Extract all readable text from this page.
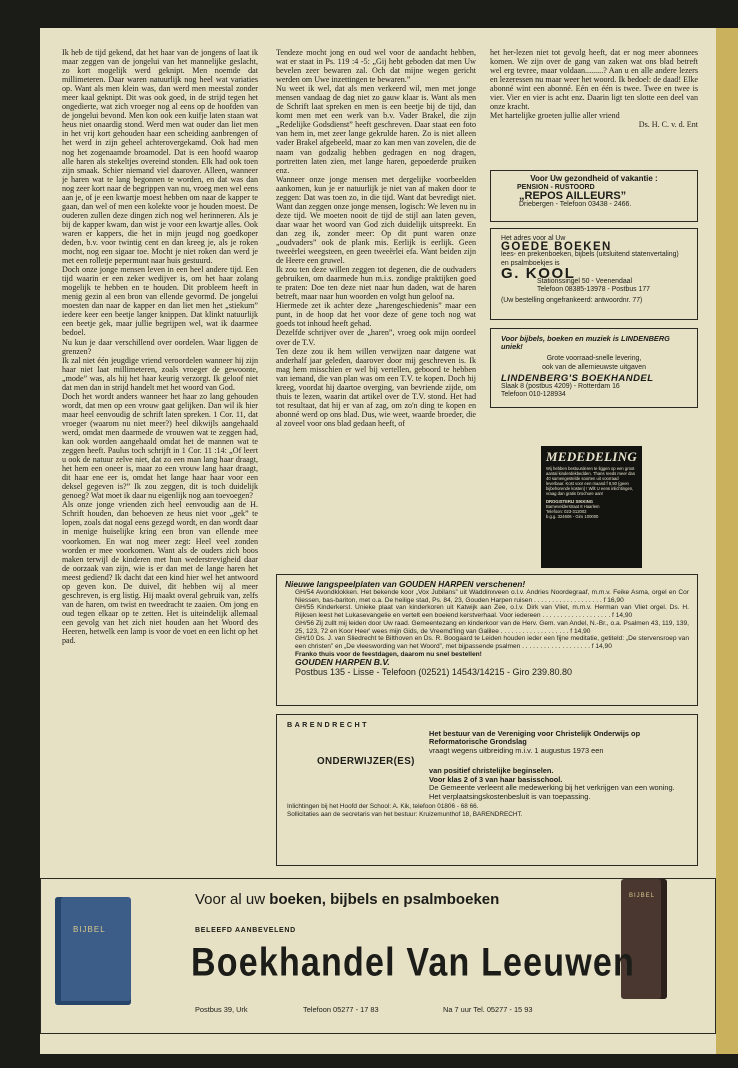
Ik heb de tijd gekend, dat het haar van de jongens of laat ik maar zeggen van de jongelui van het mannelijke geslacht, zo kort mogelijk werd geknipt. Men noemde dat millimeteren. Daar waren natuurlijk nog heel wat variaties op. Want als men klein was, dan werd men meestal zonder meer kaal geknipt. Dit was ook goed, in de strijd tegen het ongedierte, wat zich vroeger nog al eens op de hoofden van de jongelui bevond. Men kon ook een kuifje laten staan wat heus niet onaardig stond. Werd men wat ouder dan liet men in het vrij kort gehouden haar een scheiding aanbrengen of het werd in zijn geheel achterovergekamd. Ook had men nog het zogenaamde broamodel. Dat is een hoofd waarop alle haren als stekeltjes overeind stonden. Elk had ook toen zijn smaak. Schier niemand viel daarover. Alleen, wanneer je haren wat te lang begonnen te worden, en dat was dan nog zeer kort naar de begrippen van nu, vroeg men wel eens aan je, of je een kwartje moest hebben om naar de kapper te gaan, dan wel of men een kolekte voor je houden moest. De ouderen zullen deze dingen zich nog wel herinneren. Als je bij de kapper kwam, dan wist je voor een kwartje alles. Ook waren er kappers, die het in mijn jeugd nog goedkoper deden, b.v. voor twintig cent en dan kreeg je, als je roken mocht, nog een sigaar toe. Mocht je niet roken dan werd je met een rolletje pepermunt naar huis gestuurd.

Doch onze jonge mensen leven in een heel andere tijd. Een tijd waarin er een zeker wedijver is, om het haar zolang mogelijk te hebben en te houden. Dit probleem heeft in menig gezin al een bron van ellende gevormd. De jongelui moesten dan naar de kapper en dan liet men het „stiekum” iedere keer een beetje langer knippen. Dat klinkt natuurlijk een beetje gek, maar jullie begrijpen wel, wat ik daarmee bedoel.

Nu kun je daar verschillend over oordelen. Waar liggen de grenzen?

Ik zal niet één jeugdige vriend veroordelen wanneer hij zijn haar niet laat millimeteren, zoals vroeger de gewoonte, „mode” was, als hij het haar keurig verzorgt. Ik geloof niet dat men dan in strijd handelt met het woord van God.

Doch het wordt anders wanneer het haar zo lang gehouden wordt, dat men op een vrouw gaat gelijken. Dan wil ik hier maar heel eenvoudig de schrift laten spreken. 1 Cor. 11, dat vroeger (waarom nu niet meer?) heel dikwijls aangehaald werd, omdat men daarmede de vrouwen wat te zeggen had, kan ook worden aangehaald omdat het de mannen wat te zeggen heeft. Paulus toch schrijft in 1 Cor. 11 :14: „Of leert u ook de natuur zelve niet, dat zo een man lang haar draagt, het hem een oneer is, maar zo een vrouw lang haar draagt, dit haar ene eer is, omdat het lange haar haar voor een deksel gegeven is?” Ik zou zeggen, dit is toch duidelijk genoeg? Wat moet ik daar nu eigenlijk nog aan toevoegen?

Als onze jonge vrienden zich heel eenvoudig aan de H. Schrift houden, dan behoeven ze heus niet voor „gek” te lopen, zoals dat nogal eens gezegd wordt, en dan wordt daar in menige huiselijke kring een bron van ellende mee voorkomen. En wat nog meer zegt: Heel veel zonden worden er mee voorkomen. Want als de ouders zich boos maken terwijl de kinderen met hun wederstrevigheid daar de oorzaak van zijn, wie is er dan met de lange haren het meest gediend? Ik dacht dat een kind hier wel het antwoord op geven kon. De duivel, dit hebben wij al meer geschreven, is erg listig. Hij maakt overal gebruik van, zelfs van de haren, om twist en tweedracht te zaaien. Om jong en oud tegen elkaar op te zetten. Het is uiteindelijk allemaal een gevolg van het zich niet houden aan het Woord des Heeren, hetwelk een lamp is voor de voet en een licht op het pad.

Tendeze mocht jong en oud wel voor de aandacht hebben, wat er staat in Ps. 119 :4 -5: „Gij hebt geboden dat men Uw bevelen zeer bewaren zal. Och dat mijne wegen gericht werden om Uwe inzettingen te bewaren.”

Nu weet ik wel, dat als men verkeerd wil, men met jonge mensen vandaag de dag niet zo gauw klaar is. Want als men de Schrift laat spreken en men is een beetje bij de tijd, dan komt men met een werk van b.v. Vader Brakel, die zijn „Redelijke Godsdienst” heeft geschreven. Daar staat een foto van hem in, met zeer lange gekrulde haren. Zo is niet alleen vader Brakel afgebeeld, maar zo kan men van zovelen, die de naam van godzalig hebben gedragen en nog dragen, portretten laten zien, met lange haren, gepoederde pruiken enz.

Wanneer onze jonge mensen met dergelijke voorbeelden aankomen, kun je er natuurlijk je niet van af maken door te zeggen: Dat was toen zo, in die tijd. Want dat bevredigt niet. Want dan zeggen onze jonge mensen, logisch: We leven nu in deze tijd. We moeten nooit de tijd de stijl aan laten geven, daar waar het woord van God zich duidelijk uitspreekt. En dan zeg ik, zonder meer: Op dit punt waren onze „oudvaders” ook de plank mis. Eerlijk is eerlijk. Geen tweeërlei weegsteen, en geen tweeërlei efa. Want beiden zijn de Heere een gruwel.

Ik zou ten deze willen zeggen tot degenen, die de oudvaders gebruiken, om daarmede hun m.i.s. zondige praktijken goed te praten: Doe ten deze niet naar hun daden, wat de haren betreft, maar naar hun woorden en volgt hun geloof na.

Hiermede zet ik achter deze „harengeschiedenis” maar een punt, in de hoop dat het voor deze of gene toch nog wat goeds tot inhoud heeft gehad.

Dezelfde schrijver over de „haren”, vroeg ook mijn oordeel over de T.V.

Ten deze zou ik hem willen verwijzen naar datgene wat anderhalf jaar geleden, daarover door mij geschreven is. Ik mag hem misschien er wel bij vertellen, geboord te hebben van iemand, die van plan was om een T.V. te kopen. Doch hij kreeg, voordat hij daartoe overging, van bevriende zijde, om thuis te lezen, waarin dat artikel over de T.V. stond. Het had tot resultaat, dat hij er van af zag, om zo'n ding te kopen en abonné werd op ons blad. Dus, wie weet, waarde broeder, die al zoveel voor ons blad gedaan heeft, of

het her-lezen niet tot gevolg heeft, dat er nog meer abonnees komen. We zijn over de gang van zaken wat ons blad betreft wel erg tevree, maar voldaan.........? Aan u en alle andere lezers en lezeressen nu maar weer het woord. Ik bedoel: de daad! Elke abonné wint een abonné. Eén en één is twee. Twee en twee is vier. Vier en vier is acht enz. Daarin ligt ten slotte een deel van onze kracht.

Met hartelijke groeten jullie aller vriend

Ds. H. C. v. d. Ent

Voor Uw gezondheid of vakantie :
PENSION - RUSTOORD
„REPOS AILLEURS”
Driebergen - Telefoon 03438 - 2466.
Het adres voor al Uw
GOEDE BOEKEN
lees- en prekenboeken, bijbels (uitsluitend statenvertaling) en psalmboekjes is
G. KOOL
Stationssingel 50 - Veenendaal
Telefoon 08385-13978 - Postbus 177
(Uw bestelling ongefrankeerd: antwoordnr. 77)
Voor bijbels, boeken en muziek is LINDENBERG uniek!
Grote voorraad-snelle levering,
ook van de allernieuwste uitgaven
LINDENBERG'S BOEKHANDEL
Slaak 8 (postbus 4209) - Rotterdam 16
Telefoon 010-128934
MEDEDELING
Wij hebben bestuurderen te liggen op een groot aantal kinderdekbedden. Thans reeds meer dan 40 samengestelde soorten uit voorraad leverbaar. Kost voor een maand f 8,50 (geen bijbehorende kosten) ! Wilt U eens inlichtingen, vraag dan gratis brochure aan!
DROGISTERIJ SIKKING
Barnevelderstraat 8 Haarlem
Telefoon: 023-312002
b.g.g. 324606 - Giro 100000
Nieuwe langspeelplaten van GOUDEN HARPEN verschenen!
GH/54 Avondklokken. Het bekende koor „Vox Jubilans” uit Waddinxveen o.l.v. Andries Noordegraaf, m.m.v. Feike Asma, orgel en Cor Niessen, bas-bariton, met o.a. De heilige stad, Ps. 84, 23, Gouden Harpen ruisen . . . . . . . . . . . . . . . . . . . f 16,90
GH/55 Kinderkerst. Unieke plaat van kinderkoren uit Katwijk aan Zee, o.l.v. Dirk van Vliet, m.m.v. Herman van Vliet orgel. Ds. H. Rijksen leest het Lukasevangelie en vertelt een boeiend kerstverhaal. Voor iedereen . . . . . . . . . . . . . . . . . . . f 14,90
GH/56 Zij zullt mij leiden door Uw raad. Gemeentezang en kinderkoor van de Herv. Gem. van Andel, N.-Br., o.a. Psalmen 43, 119, 139, 25, 123, 72 en Koor Heer' wees mijn Gids, de Vreemd'ling van Galilee . . . . . . . . . . . . . . . . . . . f 14,90
GH/10 Ds. J. van Sliedrecht te Bilthoven en Ds. R. Boogaard te Leiden houden ieder een fijne meditatie, getiteld: „De stervensroep van een christen” en „De vleeswording van het Woord”, met bijpassende psalmen . . . . . . . . . . . . . . . . . . . f 14,90
Franko thuis voor de feestdagen, daarom nu snel bestellen!
GOUDEN HARPEN B.V.
Postbus 135 - Lisse - Telefoon (02521) 14543/14215 - Giro 239.80.80
BARENDRECHT
Het bestuur van de Vereniging voor Christelijk Onderwijs op Reformatorische Grondslag
vraagt wegens uitbreiding m.i.v. 1 augustus 1973 een
ONDERWIJZER(ES)
van positief christelijke beginselen.
Voor klas 2 of 3 van haar basisschool.
De Gemeente verleent alle medewerking bij het verkrijgen van een woning. Het verplaatsingskostenbesluit is van toepassing.
Inlichtingen bij het Hoofd der School: A. Kik, telefoon 01806 - 68 66.
Sollicitaties aan de secretaris van het bestuur: Kruizemunthof 18, BARENDRECHT.
BIJBEL
BIJBEL
Voor al uw boeken, bijbels en psalmboeken
BELEEFD AANBEVELEND
Boekhandel Van Leeuwen
Postbus 39, Urk	Telefoon 05277 - 17 83	Na 7 uur Tel. 05277 - 15 93
